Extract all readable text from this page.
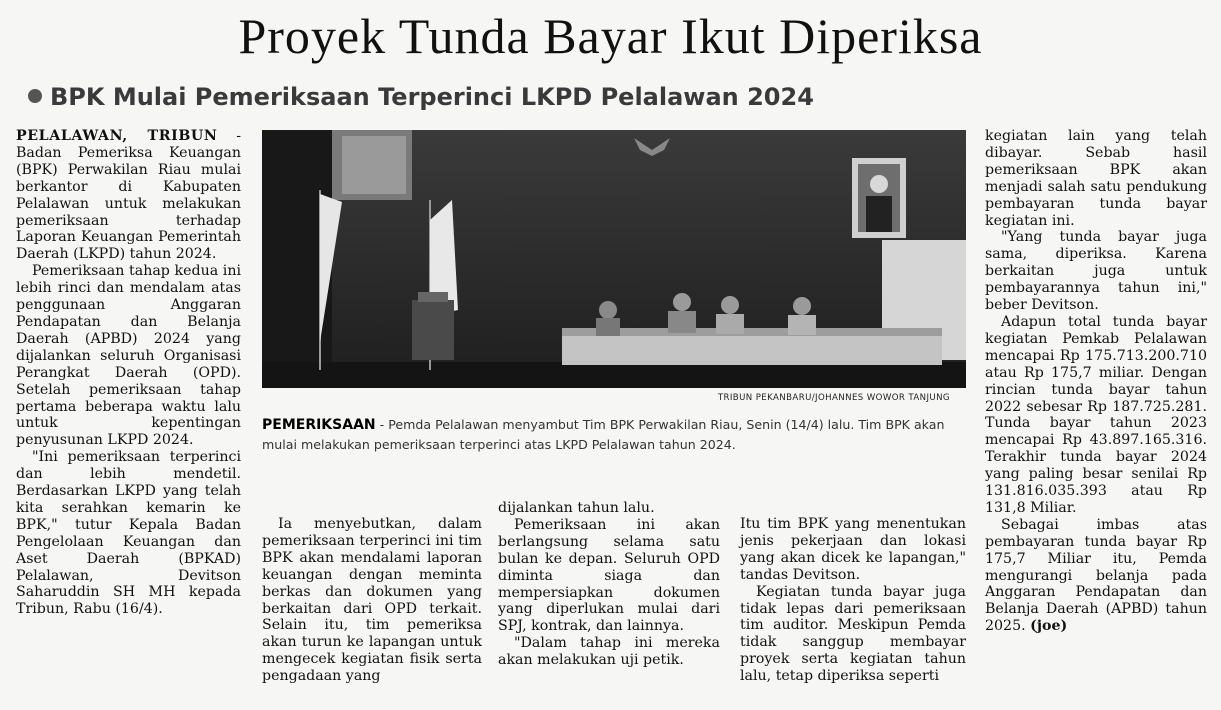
Proyek Tunda Bayar Ikut Diperiksa
BPK Mulai Pemeriksaan Terperinci LKPD Pelalawan 2024

PELALAWAN, TRIBUN - Badan Pemeriksa Keuangan (BPK) Perwakilan Riau mulai berkantor di Kabupaten Pelalawan untuk melakukan pemeriksaan terhadap Laporan Keuangan Pemerintah Daerah (LKPD) tahun 2024.

Pemeriksaan tahap kedua ini lebih rinci dan mendalam atas penggunaan Anggaran Pendapatan dan Belanja Daerah (APBD) 2024 yang dijalankan seluruh Organisasi Perangkat Daerah (OPD). Setelah pemeriksaan tahap pertama beberapa waktu lalu untuk kepentingan penyusunan LKPD 2024.

"Ini pemeriksaan terperinci dan lebih mendetil. Berdasarkan LKPD yang telah kita serahkan kemarin ke BPK," tutur Kepala Badan Pengelolaan Keuangan dan Aset Daerah (BPKAD) Pelalawan, Devitson Saharuddin SH MH kepada Tribun, Rabu (16/4).

TRIBUN PEKANBARU/JOHANNES WOWOR TANJUNG
PEMERIKSAAN - Pemda Pelalawan menyambut Tim BPK Perwakilan Riau, Senin (14/4) lalu. Tim BPK akan mulai melakukan pemeriksaan terperinci atas LKPD Pelalawan tahun 2024.

Ia menyebutkan, dalam pemeriksaan terperinci ini tim BPK akan mendalami laporan keuangan dengan meminta berkas dan dokumen yang berkaitan dari OPD terkait. Selain itu, tim pemeriksa akan turun ke lapangan untuk mengecek kegiatan fisik serta pengadaan yang

dijalankan tahun lalu.

Pemeriksaan ini akan berlangsung selama satu bulan ke depan. Seluruh OPD diminta siaga dan mempersiapkan dokumen yang diperlukan mulai dari SPJ, kontrak, dan lainnya.

"Dalam tahap ini mereka akan melakukan uji petik.

Itu tim BPK yang menentukan jenis pekerjaan dan lokasi yang akan dicek ke lapangan," tandas Devitson.

Kegiatan tunda bayar juga tidak lepas dari pemeriksaan tim auditor. Meskipun Pemda tidak sanggup membayar proyek serta kegiatan tahun lalu, tetap diperiksa seperti

kegiatan lain yang telah dibayar. Sebab hasil pemeriksaan BPK akan menjadi salah satu pendukung pembayaran tunda bayar kegiatan ini.

"Yang tunda bayar juga sama, diperiksa. Karena berkaitan juga untuk pembayarannya tahun ini," beber Devitson.

Adapun total tunda bayar kegiatan Pemkab Pelalawan mencapai Rp 175.713.200.710 atau Rp 175,7 miliar. Dengan rincian tunda bayar tahun 2022 sebesar Rp 187.725.281. Tunda bayar tahun 2023 mencapai Rp 43.897.165.316. Terakhir tunda bayar 2024 yang paling besar senilai Rp 131.816.035.393 atau Rp 131,8 Miliar.

Sebagai imbas atas pembayaran tunda bayar Rp 175,7 Miliar itu, Pemda mengurangi belanja pada Anggaran Pendapatan dan Belanja Daerah (APBD) tahun 2025. (joe)
